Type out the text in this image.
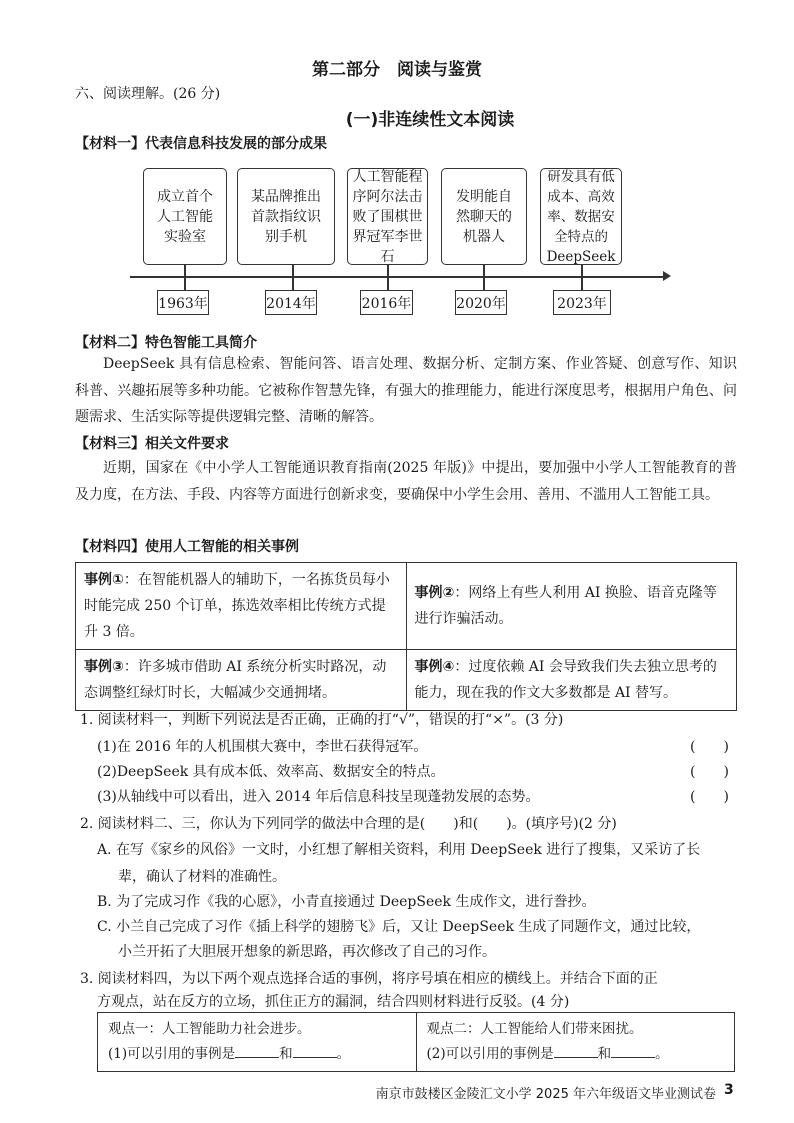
第二部分　阅读与鉴赏
六、阅读理解。(26 分)
(一)非连续性文本阅读
【材料一】代表信息科技发展的部分成果
成立首个人工智能实验室
某品牌推出首款指纹识别手机
人工智能程序阿尔法击败了围棋世界冠军李世石
发明能自然聊天的机器人
研发具有低成本、高效率、数据安全特点的DeepSeek
1963年	2014年	2016年	2020年	2023年
【材料二】特色智能工具简介
DeepSeek 具有信息检索、智能问答、语言处理、数据分析、定制方案、作业答疑、创意写作、知识科普、兴趣拓展等多种功能。它被称作智慧先锋，有强大的推理能力，能进行深度思考，根据用户角色、问题需求、生活实际等提供逻辑完整、清晰的解答。
【材料三】相关文件要求
近期，国家在《中小学人工智能通识教育指南(2025 年版)》中提出，要加强中小学人工智能教育的普及力度，在方法、手段、内容等方面进行创新求变，要确保中小学生会用、善用、不滥用人工智能工具。
【材料四】使用人工智能的相关事例
事例①：在智能机器人的辅助下，一名拣货员每小时能完成 250 个订单，拣选效率相比传统方式提升 3 倍。	事例②：网络上有些人利用 AI 换脸、语音克隆等进行诈骗活动。
事例③：许多城市借助 AI 系统分析实时路况，动态调整红绿灯时长，大幅减少交通拥堵。	事例④：过度依赖 AI 会导致我们失去独立思考的能力，现在我的作文大多数都是 AI 替写。
1. 阅读材料一，判断下列说法是否正确，正确的打“√”，错误的打“×”。(3 分)
(1)在 2016 年的人机围棋大赛中，李世石获得冠军。	(　　)
(2)DeepSeek 具有成本低、效率高、数据安全的特点。	(　　)
(3)从轴线中可以看出，进入 2014 年后信息科技呈现蓬勃发展的态势。	(　　)
2. 阅读材料二、三，你认为下列同学的做法中合理的是(　　)和(　　)。(填序号)(2 分)
A. 在写《家乡的风俗》一文时，小红想了解相关资料，利用 DeepSeek 进行了搜集，又采访了长
辈，确认了材料的准确性。
B. 为了完成习作《我的心愿》，小青直接通过 DeepSeek 生成作文，进行誊抄。
C. 小兰自己完成了习作《插上科学的翅膀飞》后，又让 DeepSeek 生成了同题作文，通过比较，
小兰开拓了大胆展开想象的新思路，再次修改了自己的习作。
3. 阅读材料四，为以下两个观点选择合适的事例，将序号填在相应的横线上。并结合下面的正
方观点，站在反方的立场，抓住正方的漏洞，结合四则材料进行反驳。(4 分)
观点一：人工智能助力社会进步。
(1)可以引用的事例是	和	。

观点二：人工智能给人们带来困扰。
(2)可以引用的事例是	和	。
南京市鼓楼区金陵汇文小学 2025 年六年级语文毕业测试卷 3
